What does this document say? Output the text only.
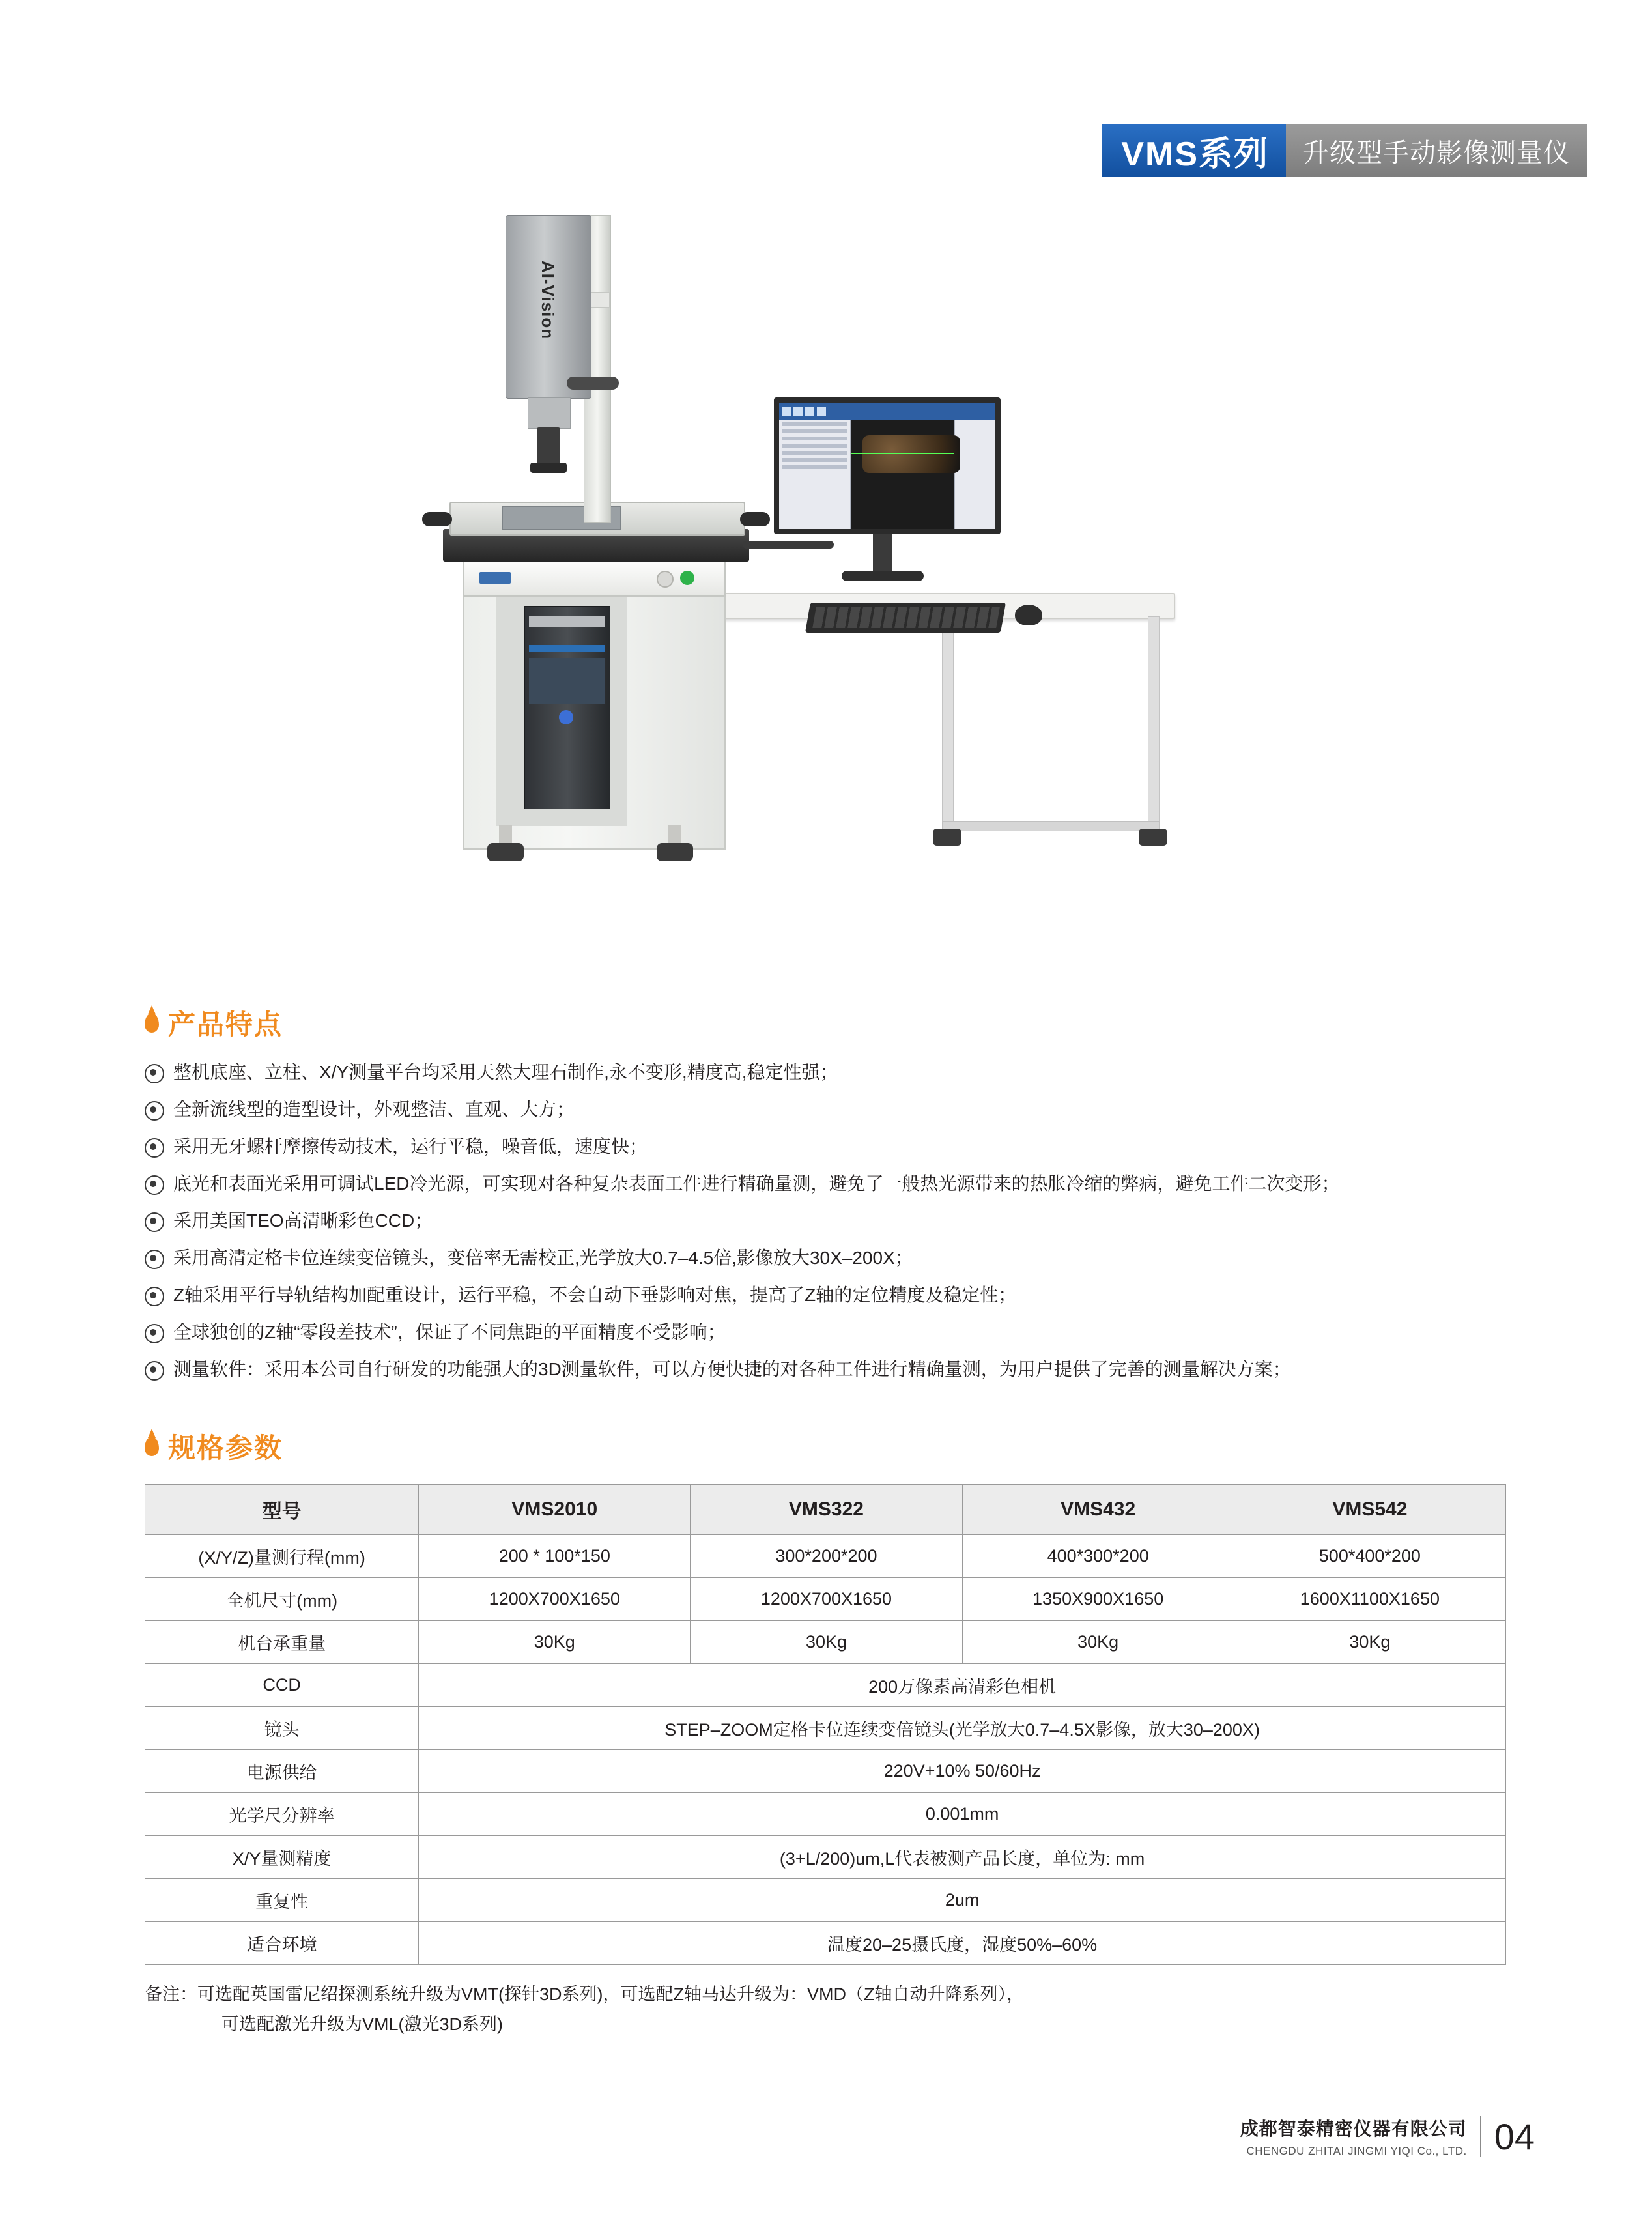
VMS系列	升级型手动影像测量仪
AI-Vision
产品特点
整机底座、立柱、X/Y测量平台均采用天然大理石制作,永不变形,精度高,稳定性强；
全新流线型的造型设计，外观整洁、直观、大方；
采用无牙螺杆摩擦传动技术，运行平稳，噪音低，速度快；
底光和表面光采用可调试LED冷光源，可实现对各种复杂表面工件进行精确量测，避免了一般热光源带来的热胀冷缩的弊病，避免工件二次变形；
采用美国TEO高清晰彩色CCD；
采用高清定格卡位连续变倍镜头，变倍率无需校正,光学放大0.7–4.5倍,影像放大30X–200X；
Z轴采用平行导轨结构加配重设计，运行平稳，不会自动下垂影响对焦，提高了Z轴的定位精度及稳定性；
全球独创的Z轴“零段差技术”，保证了不同焦距的平面精度不受影响；
测量软件：采用本公司自行研发的功能强大的3D测量软件，可以方便快捷的对各种工件进行精确量测，为用户提供了完善的测量解决方案；
规格参数
型号	VMS2010	VMS322	VMS432	VMS542
(X/Y/Z)量测行程(mm)	200 * 100*150	300*200*200	400*300*200	500*400*200
全机尺寸(mm)	1200X700X1650	1200X700X1650	1350X900X1650	1600X1100X1650
机台承重量	30Kg	30Kg	30Kg	30Kg
CCD	200万像素高清彩色相机			
镜头	STEP–ZOOM定格卡位连续变倍镜头(光学放大0.7–4.5X影像，放大30–200X)			
电源供给	220V+10% 50/60Hz			
光学尺分辨率	0.001mm			
X/Y量测精度	(3+L/200)um,L代表被测产品长度，单位为: mm			
重复性	2um			
适合环境	温度20–25摄氏度，湿度50%–60%			
备注：可选配英国雷尼绍探测系统升级为VMT(探针3D系列)，可选配Z轴马达升级为：VMD（Z轴自动升降系列），
可选配激光升级为VML(激光3D系列)
成都智泰精密仪器有限公司
CHENGDU ZHITAI JINGMI YIQI Co., LTD. 04
